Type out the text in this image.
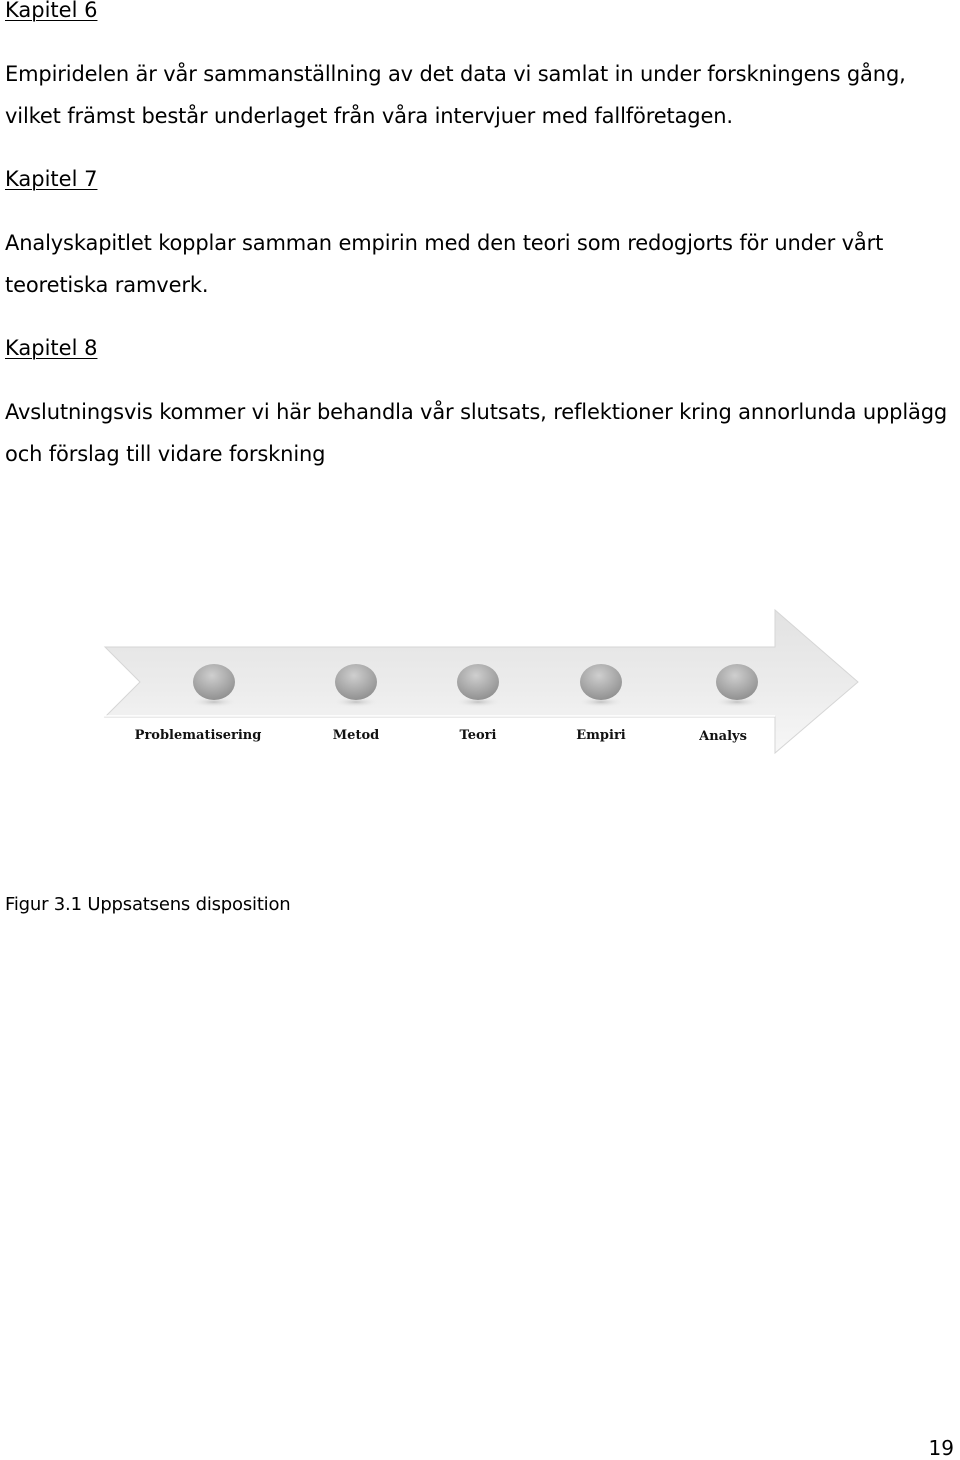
Kapitel 6

Empiridelen är vår sammanställning av det data vi samlat in under forskningens gång, vilket främst består underlaget från våra intervjuer med fallföretagen.

Kapitel 7

Analyskapitlet kopplar samman empirin med den teori som redogjorts för under vårt teoretiska ramverk.

Kapitel 8

Avslutningsvis kommer vi här behandla vår slutsats, reflektioner kring annorlunda upplägg och förslag till vidare forskning

Problematisering	Metod	Teori	Empiri	Analys

Figur 3.1 Uppsatsens disposition

19
